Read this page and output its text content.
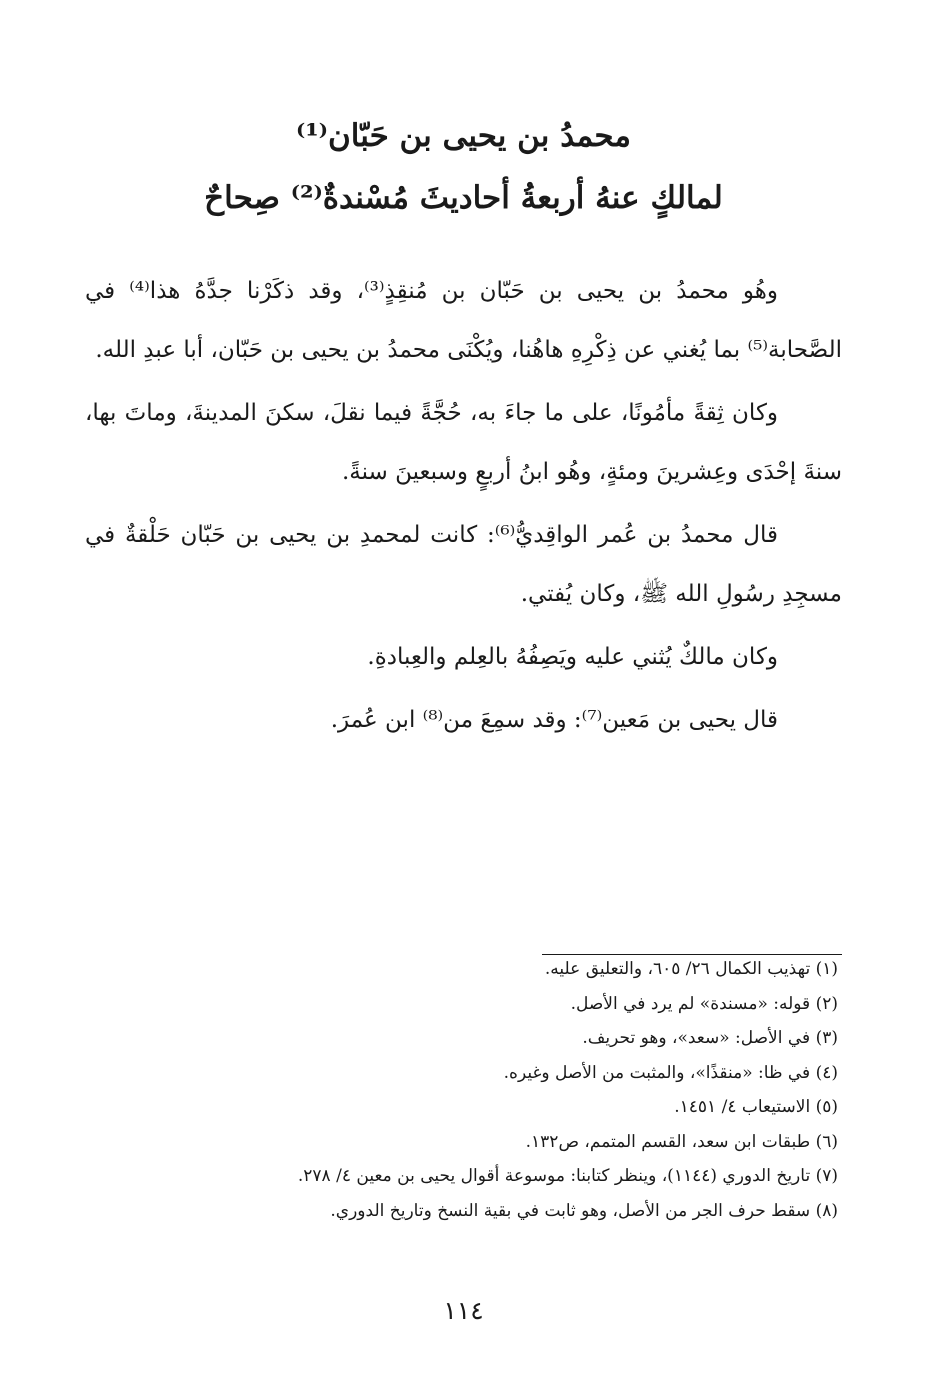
محمدُ بن يحيى بن حَبّان⁽¹⁾
لمالكٍ عنهُ أربعةُ أحاديثَ مُسْندةٌ⁽²⁾ صِحاحٌ

وهُو محمدُ بن يحيى بن حَبّان بن مُنقِذٍ⁽³⁾، وقد ذكَرْنا جدَّهُ هذا⁽⁴⁾ في الصَّحابة⁽⁵⁾ بما يُغني عن ذِكْرِهِ هاهُنا، ويُكْنَى محمدُ بن يحيى بن حَبّان، أبا عبدِ الله.

وكان ثِقةً مأمُونًا، على ما جاءَ به، حُجَّةً فيما نقلَ، سكنَ المدينةَ، وماتَ بها، سنةَ إحْدَى وعِشرينَ ومئةٍ، وهُو ابنُ أربعٍ وسبعينَ سنةً.

قال محمدُ بن عُمر الواقِديُّ⁽⁶⁾: كانت لمحمدِ بن يحيى بن حَبّان حَلْقةٌ في مسجِدِ رسُولِ الله ﷺ، وكان يُفتي.

وكان مالكٌ يُثني عليه ويَصِفُهُ بالعِلم والعِبادةِ.

قال يحيى بن مَعين⁽⁷⁾: وقد سمِعَ من⁽⁸⁾ ابن عُمرَ.

(١) تهذيب الكمال ٢٦/ ٦٠٥، والتعليق عليه.
(٢) قوله: «مسندة» لم يرد في الأصل.
(٣) في الأصل: «سعد»، وهو تحريف.
(٤) في ظا: «منقذًا»، والمثبت من الأصل وغيره.
(٥) الاستيعاب ٤/ ١٤٥١.
(٦) طبقات ابن سعد، القسم المتمم، ص١٣٢.
(٧) تاريخ الدوري (١١٤٤)، وينظر كتابنا: موسوعة أقوال يحيى بن معين ٤/ ٢٧٨.
(٨) سقط حرف الجر من الأصل، وهو ثابت في بقية النسخ وتاريخ الدوري.
١١٤
